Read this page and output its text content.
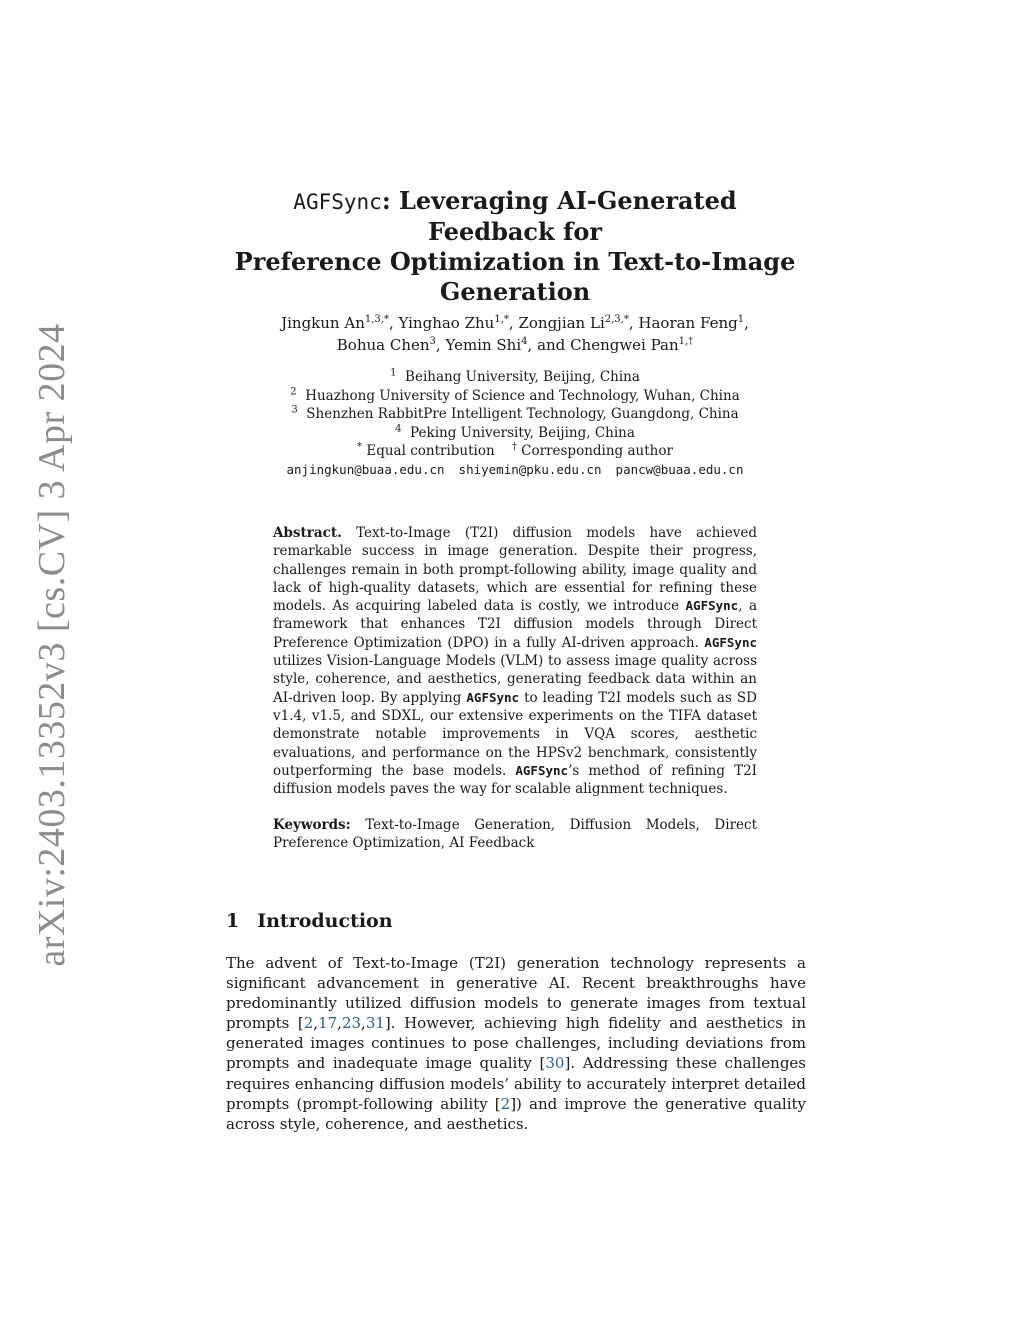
arXiv:2403.13352v3 [cs.CV] 3 Apr 2024
AGFSync: Leveraging AI-Generated Feedback for
Preference Optimization in Text-to-Image
Generation
Jingkun $An^{1,3,*}$, Yinghao Zhu$^{1,*}$, Zongjian $Li^{2,3,*}$, Haoran Feng$^1$,
Bohua Chen$^3$, Yemin Shi$^4$, and Chengwei Pan$^{1,\dagger}$
$^1$ Beihang University, Beijing, China
$^2$ Huazhong University of Science and Technology, Wuhan, China
$^3$ Shenzhen RabbitPre Intelligent Technology, Guangdong, China
$^4$ Peking University, Beijing, China
* Equal contribution † Corresponding author
anjingkun@buaa.edu.cn shiyemin@pku.edu.cn pancw@buaa.edu.cn

Abstract. Text-to-Image (T2I) diffusion models have achieved remarkable success in image generation. Despite their progress, challenges remain in both prompt-following ability, image quality and lack of high-quality datasets, which are essential for refining these models. As acquiring labeled data is costly, we introduce AGFSync, a framework that enhances T2I diffusion models through Direct Preference Optimization (DPO) in a fully AI-driven approach. AGFSync utilizes Vision-Language Models (VLM) to assess image quality across style, coherence, and aesthetics, generating feedback data within an AI-driven loop. By applying AGFSync to leading T2I models such as SD v1.4, v1.5, and SDXL, our extensive experiments on the TIFA dataset demonstrate notable improvements in VQA scores, aesthetic evaluations, and performance on the HPSv2 benchmark, consistently outperforming the base models. AGFSync’s method of refining T2I diffusion models paves the way for scalable alignment techniques.

Keywords: Text-to-Image Generation, Diffusion Models, Direct Preference Optimization, AI Feedback
1 Introduction
The advent of Text-to-Image (T2I) generation technology represents a significant advancement in generative AI. Recent breakthroughs have predominantly utilized diffusion models to generate images from textual prompts [2,17,23,31]. However, achieving high fidelity and aesthetics in generated images continues to pose challenges, including deviations from prompts and inadequate image quality [30]. Addressing these challenges requires enhancing diffusion models’ ability to accurately interpret detailed prompts (prompt-following ability [2]) and improve the generative quality across style, coherence, and aesthetics.
